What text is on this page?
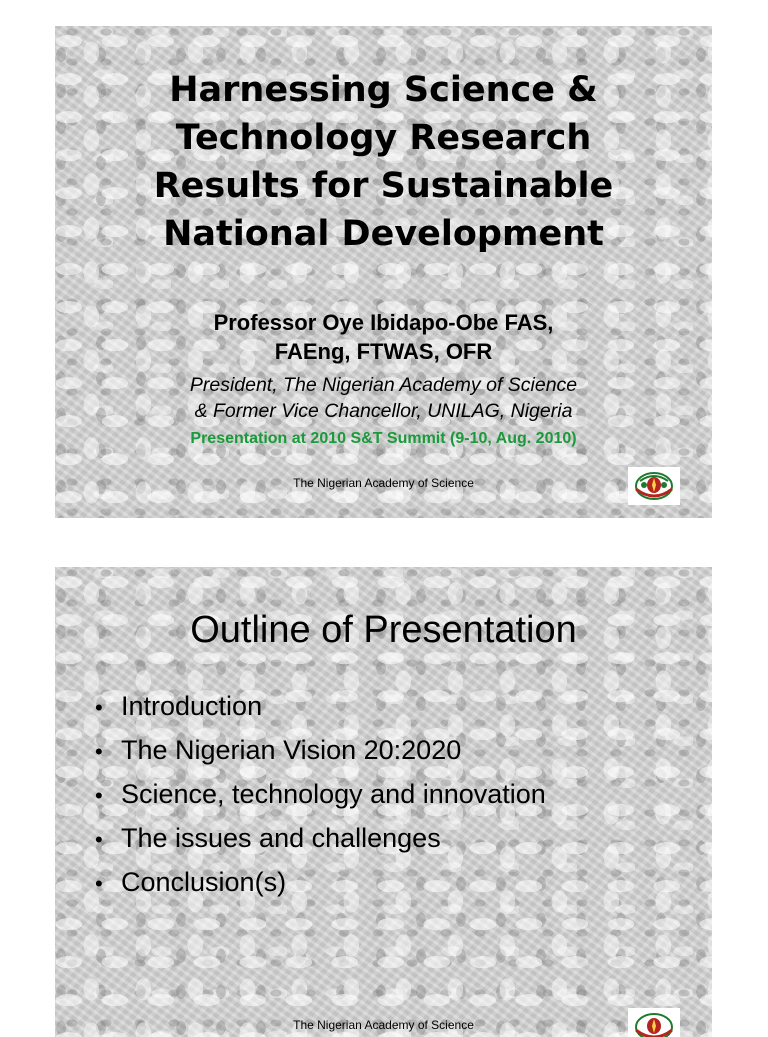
Harnessing Science &
Technology Research
Results for Sustainable
National Development
Professor Oye Ibidapo-Obe FAS,
FAEng, FTWAS, OFR
President, The Nigerian Academy of Science
& Former Vice Chancellor, UNILAG, Nigeria
Presentation at 2010 S&T Summit (9-10, Aug. 2010)
The Nigerian Academy of Science
Outline of Presentation
• Introduction
• The Nigerian Vision 20:2020
• Science, technology and innovation
• The issues and challenges
• Conclusion(s)
The Nigerian Academy of Science
